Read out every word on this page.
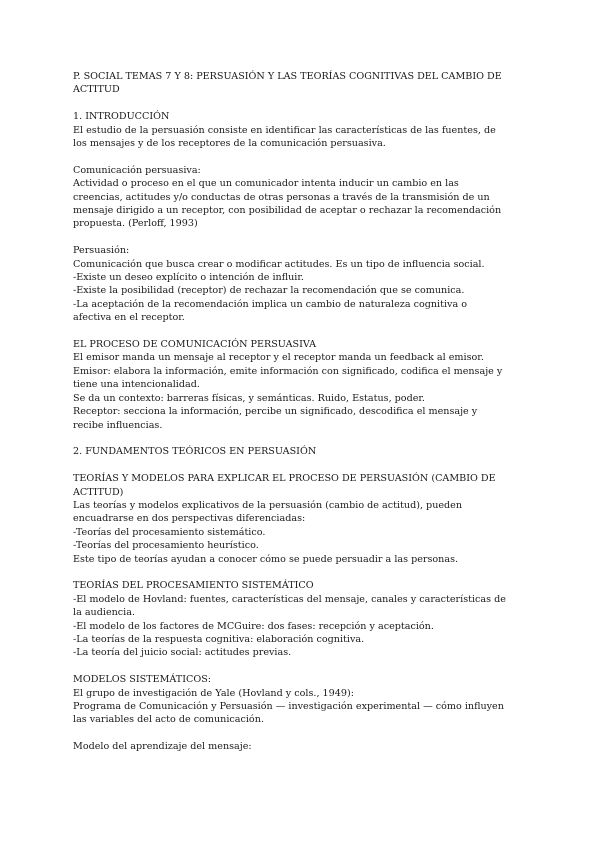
P. SOCIAL TEMAS 7 Y 8: PERSUASIÓN Y LAS TEORÍAS COGNITIVAS DEL CAMBIO DE
ACTITUD
1. INTRODUCCIÓN
El estudio de la persuasión consiste en identificar las características de las fuentes, de
los mensajes y de los receptores de la comunicación persuasiva.
Comunicación persuasiva:
Actividad o proceso en el que un comunicador intenta inducir un cambio en las
creencias, actitudes y/o conductas de otras personas a través de la transmisión de un
mensaje dirigido a un receptor, con posibilidad de aceptar o rechazar la recomendación
propuesta. (Perloff, 1993)
Persuasión:
Comunicación que busca crear o modificar actitudes. Es un tipo de influencia social.
-Existe un deseo explícito o intención de influir.
-Existe la posibilidad (receptor) de rechazar la recomendación que se comunica.
-La aceptación de la recomendación implica un cambio de naturaleza cognitiva o
afectiva en el receptor.
EL PROCESO DE COMUNICACIÓN PERSUASIVA
El emisor manda un mensaje al receptor y el receptor manda un feedback al emisor.
Emisor: elabora la información, emite información con significado, codifica el mensaje y
tiene una intencionalidad.
Se da un contexto: barreras físicas, y semánticas. Ruido, Estatus, poder.
Receptor: secciona la información, percibe un significado, descodifica el mensaje y
recibe influencias.
2. FUNDAMENTOS TEÓRICOS EN PERSUASIÓN
TEORÍAS Y MODELOS PARA EXPLICAR EL PROCESO DE PERSUASIÓN (CAMBIO DE
ACTITUD)
Las teorías y modelos explicativos de la persuasión (cambio de actitud), pueden
encuadrarse en dos perspectivas diferenciadas:
-Teorías del procesamiento sistemático.
-Teorías del procesamiento heurístico.
Este tipo de teorías ayudan a conocer cómo se puede persuadir a las personas.
TEORÍAS DEL PROCESAMIENTO SISTEMÁTICO
-El modelo de Hovland: fuentes, características del mensaje, canales y características de
la audiencia.
-El modelo de los factores de MCGuire: dos fases: recepción y aceptación.
-La teorías de la respuesta cognitiva: elaboración cognitiva.
-La teoría del juicio social: actitudes previas.
MODELOS SISTEMÁTICOS:
El grupo de investigación de Yale (Hovland y cols., 1949):
Programa de Comunicación y Persuasión — investigación experimental — cómo influyen
las variables del acto de comunicación.
Modelo del aprendizaje del mensaje:
